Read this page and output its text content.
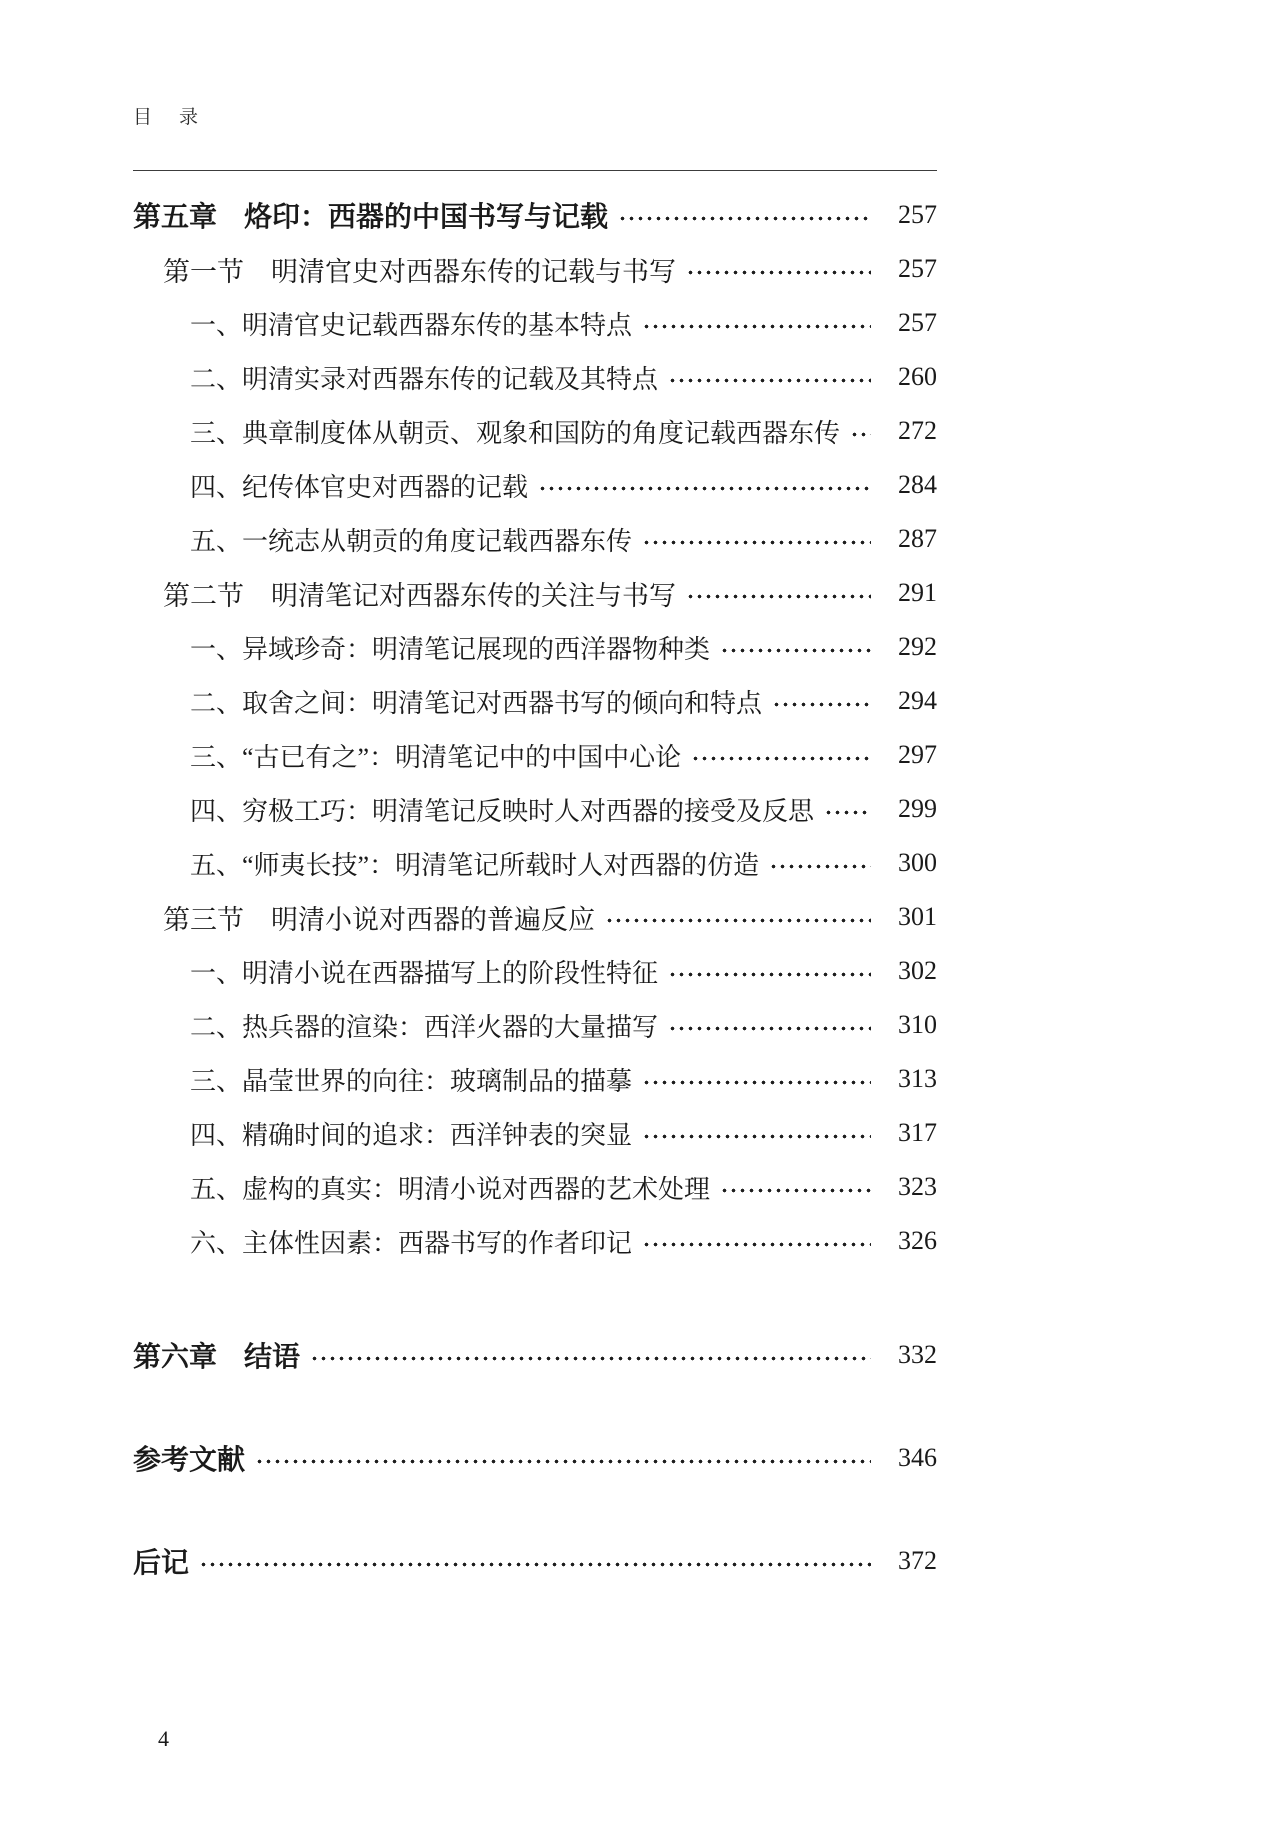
目　录
第五章 烙印：西器的中国书写与记载	257
第一节 明清官史对西器东传的记载与书写	257
一、 明清官史记载西器东传的基本特点	257
二、 明清实录对西器东传的记载及其特点	260
三、 典章制度体从朝贡、观象和国防的角度记载西器东传	272
四、 纪传体官史对西器的记载	284
五、 一统志从朝贡的角度记载西器东传	287
第二节 明清笔记对西器东传的关注与书写	291
一、 异域珍奇：明清笔记展现的西洋器物种类	292
二、 取舍之间：明清笔记对西器书写的倾向和特点	294
三、 “古已有之”：明清笔记中的中国中心论	297
四、 穷极工巧：明清笔记反映时人对西器的接受及反思	299
五、 “师夷长技”：明清笔记所载时人对西器的仿造	300
第三节 明清小说对西器的普遍反应	301
一、 明清小说在西器描写上的阶段性特征	302
二、 热兵器的渲染：西洋火器的大量描写	310
三、 晶莹世界的向往：玻璃制品的描摹	313
四、 精确时间的追求：西洋钟表的突显	317
五、 虚构的真实：明清小说对西器的艺术处理	323
六、 主体性因素：西器书写的作者印记	326
第六章 结语	332
参考文献	346
后记	372
4
